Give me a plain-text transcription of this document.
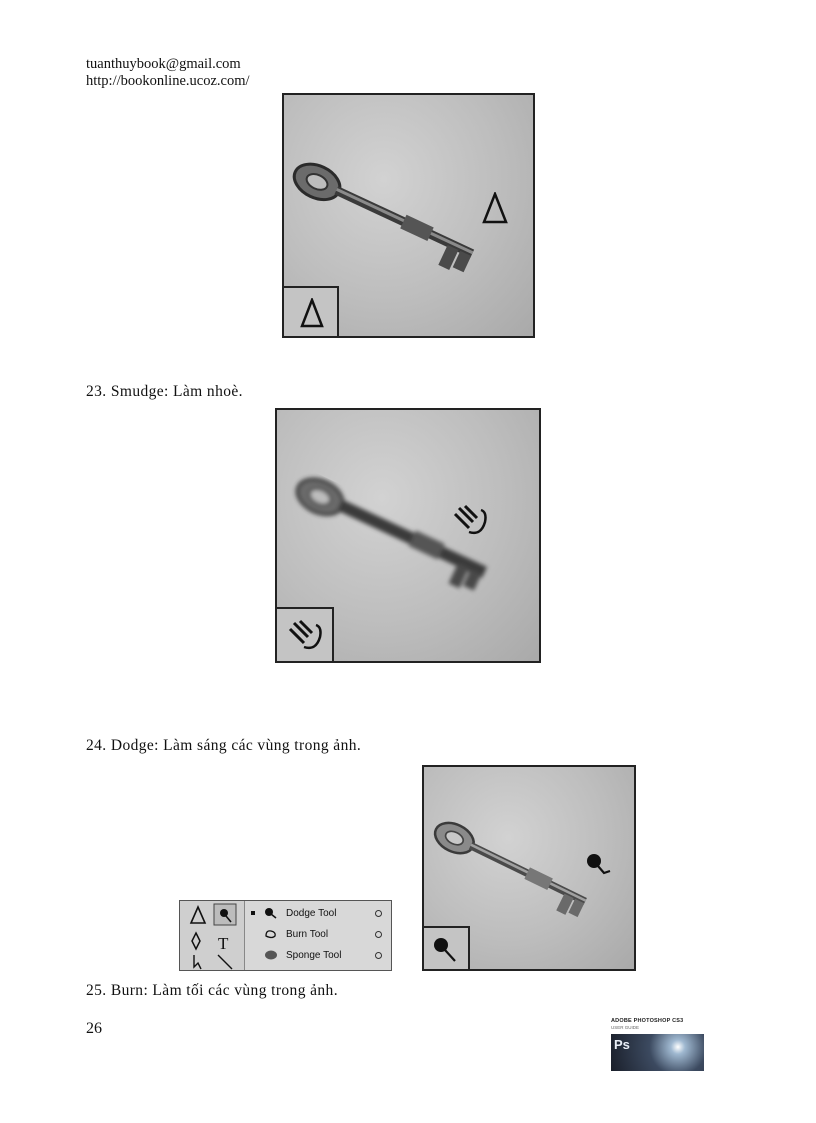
tuanthuybook@gmail.com
http://bookonline.ucoz.com/
23. Smudge: Làm nhoè.
24. Dodge: Làm sáng các vùng trong ảnh.
T
Dodge Tool
Burn Tool
Sponge Tool
25. Burn: Làm tối các vùng trong ảnh.
26	ADOBE PHOTOSHOP CS3
USER GUIDE
Ps
